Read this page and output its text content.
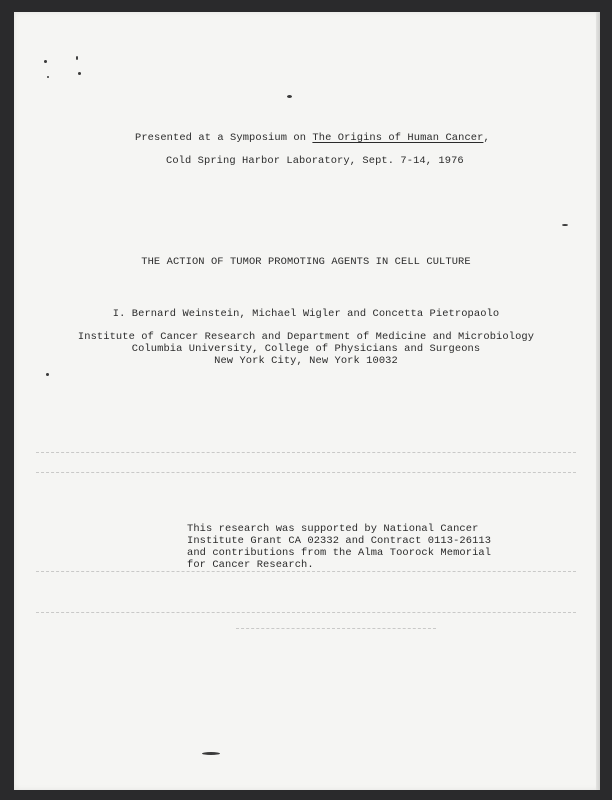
Presented at a Symposium on The Origins of Human Cancer,
Cold Spring Harbor Laboratory, Sept. 7-14, 1976
THE ACTION OF TUMOR PROMOTING AGENTS IN CELL CULTURE
I. Bernard Weinstein, Michael Wigler and Concetta Pietropaolo
Institute of Cancer Research and Department of Medicine and Microbiology
Columbia University, College of Physicians and Surgeons
New York City, New York 10032
This research was supported by National Cancer
Institute Grant CA 02332 and Contract 0113-26113
and contributions from the Alma Toorock Memorial
for Cancer Research.
